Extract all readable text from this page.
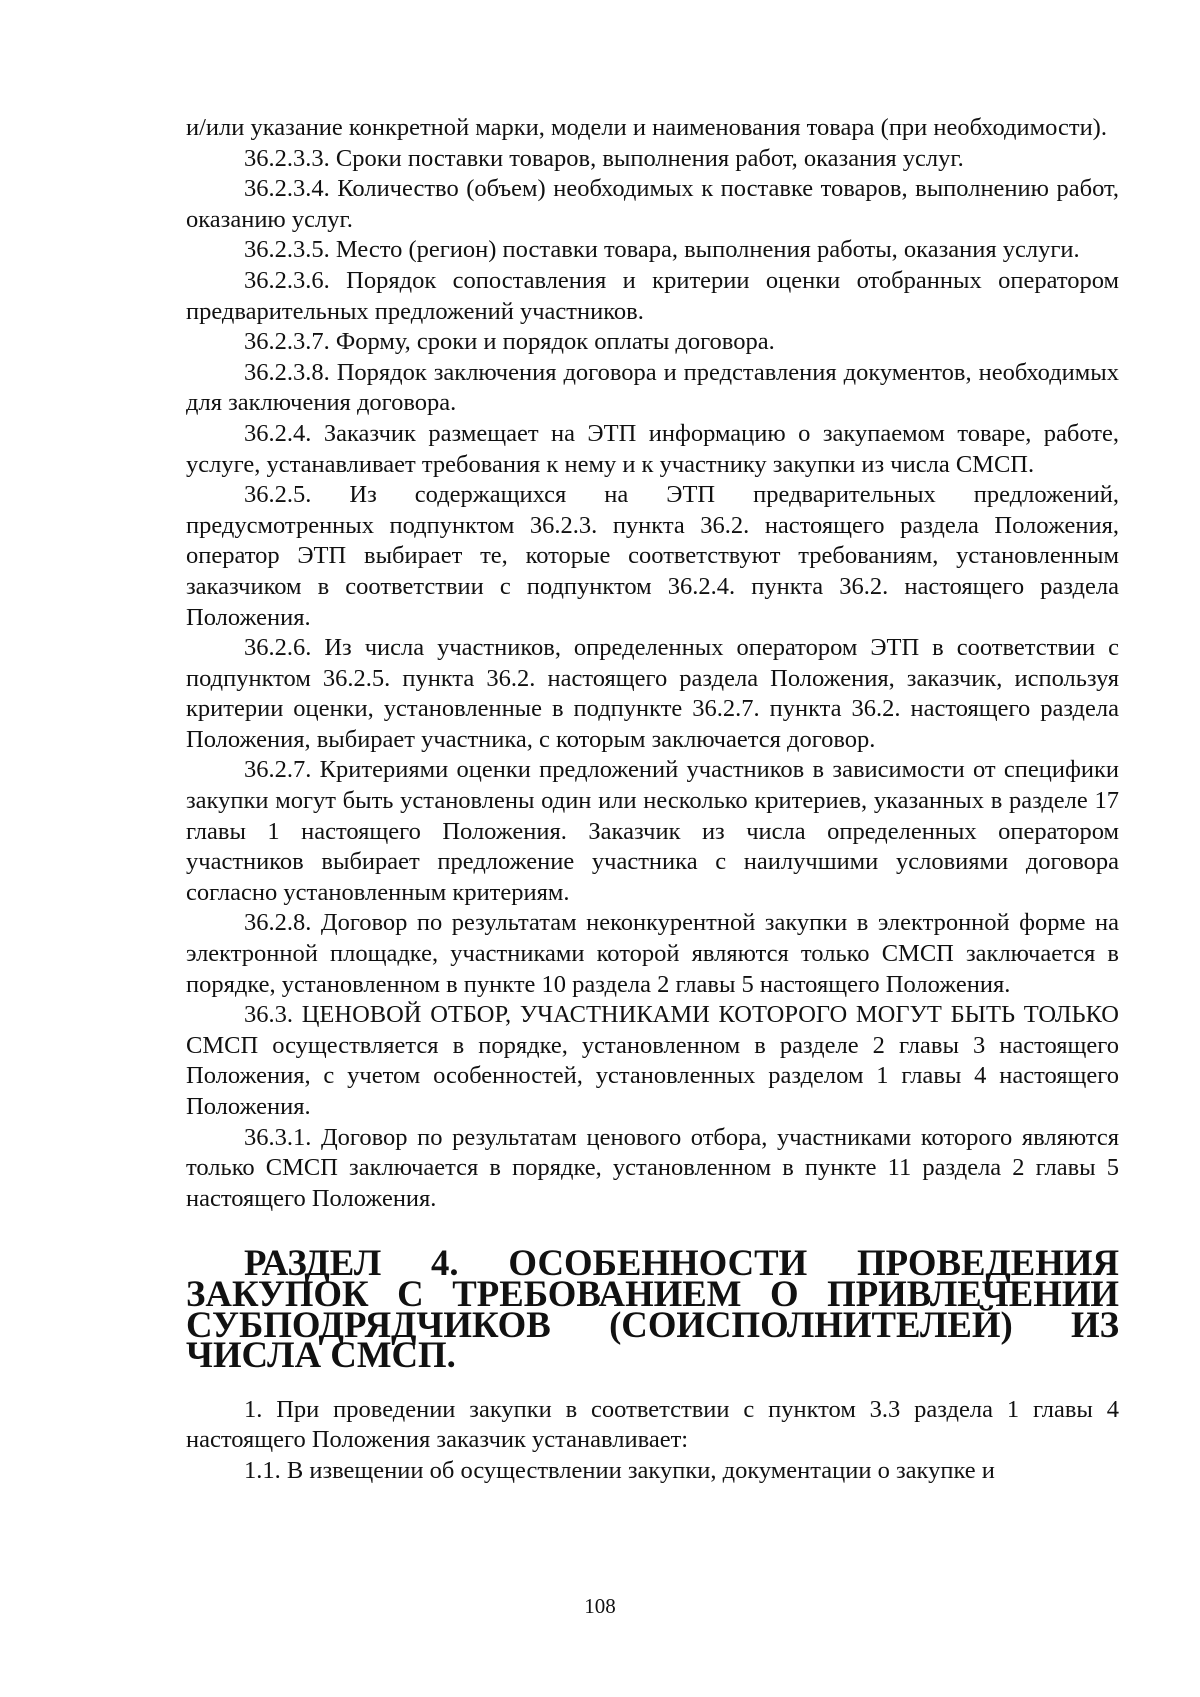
и/или указание конкретной марки, модели и наименования товара (при необходимости).

36.2.3.3. Сроки поставки товаров, выполнения работ, оказания услуг.

36.2.3.4. Количество (объем) необходимых к поставке товаров, выполнению работ, оказанию услуг.

36.2.3.5. Место (регион) поставки товара, выполнения работы, оказания услуги.

36.2.3.6. Порядок сопоставления и критерии оценки отобранных оператором предварительных предложений участников.

36.2.3.7. Форму, сроки и порядок оплаты договора.

36.2.3.8. Порядок заключения договора и представления документов, необходимых для заключения договора.

36.2.4. Заказчик размещает на ЭТП информацию о закупаемом товаре, работе, услуге, устанавливает требования к нему и к участнику закупки из числа СМСП.

36.2.5. Из содержащихся на ЭТП предварительных предложений, предусмотренных подпунктом 36.2.3. пункта 36.2. настоящего раздела Положения, оператор ЭТП выбирает те, которые соответствуют требованиям, установленным заказчиком в соответствии с подпунктом 36.2.4. пункта 36.2. настоящего раздела Положения.

36.2.6. Из числа участников, определенных оператором ЭТП в соответствии с подпунктом 36.2.5. пункта 36.2. настоящего раздела Положения, заказчик, используя критерии оценки, установленные в подпункте 36.2.7. пункта 36.2. настоящего раздела Положения, выбирает участника, с которым заключается договор.

36.2.7. Критериями оценки предложений участников в зависимости от специфики закупки могут быть установлены один или несколько критериев, указанных в разделе 17 главы 1 настоящего Положения. Заказчик из числа определенных оператором участников выбирает предложение участника с наилучшими условиями договора согласно установленным критериям.

36.2.8. Договор по результатам неконкурентной закупки в электронной форме на электронной площадке, участниками которой являются только СМСП заключается в порядке, установленном в пункте 10 раздела 2 главы 5 настоящего Положения.

36.3. ЦЕНОВОЙ ОТБОР, УЧАСТНИКАМИ КОТОРОГО МОГУТ БЫТЬ ТОЛЬКО СМСП осуществляется в порядке, установленном в разделе 2 главы 3 настоящего Положения, с учетом особенностей, установленных разделом 1 главы 4 настоящего Положения.

36.3.1. Договор по результатам ценового отбора, участниками которого являются только СМСП заключается в порядке, установленном в пункте 11 раздела 2 главы 5 настоящего Положения.

РАЗДЕЛ 4. ОСОБЕННОСТИ ПРОВЕДЕНИЯ ЗАКУПОК С ТРЕБОВАНИЕМ О ПРИВЛЕЧЕНИИ СУБПОДРЯДЧИКОВ (СОИСПОЛНИТЕЛЕЙ) ИЗ ЧИСЛА СМСП.

1. При проведении закупки в соответствии с пунктом 3.3 раздела 1 главы 4 настоящего Положения заказчик устанавливает:

1.1. В извещении об осуществлении закупки, документации о закупке и

108
